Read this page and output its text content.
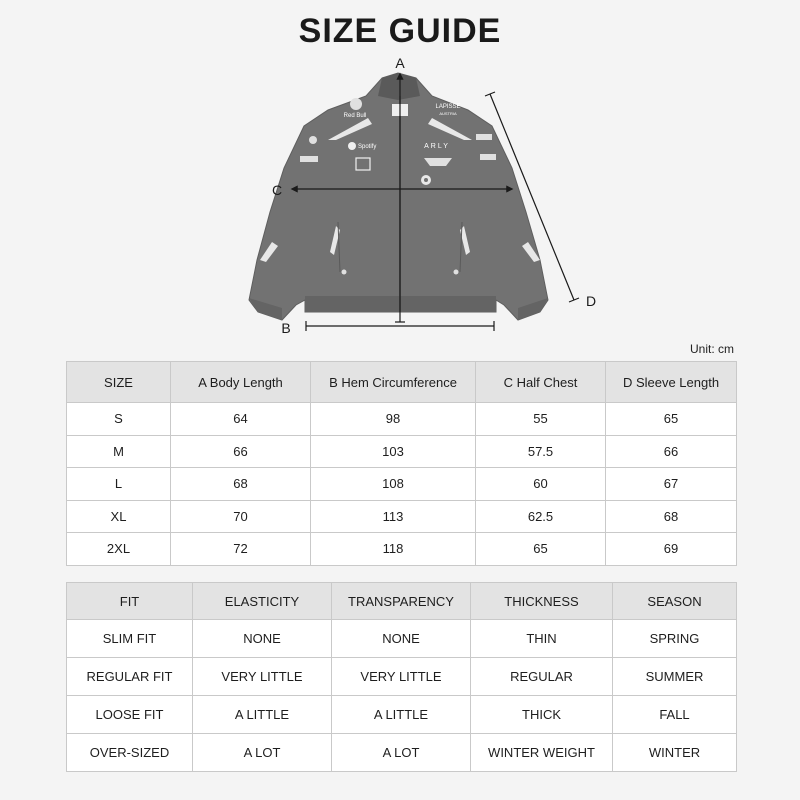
SIZE GUIDE
Red Bull
LAPISSE
AUSTRIA
Spotify	ARLY
A
B
C
D
Unit: cm
SIZE	A Body Length	B Hem Circumference	C Half Chest	D Sleeve Length
S	64	98	55	65
M	66	103	57.5	66
L	68	108	60	67
XL	70	113	62.5	68
2XL	72	118	65	69
FIT	ELASTICITY	TRANSPARENCY	THICKNESS	SEASON
SLIM FIT	NONE	NONE	THIN	SPRING
REGULAR FIT	VERY LITTLE	VERY LITTLE	REGULAR	SUMMER
LOOSE FIT	A LITTLE	A LITTLE	THICK	FALL
OVER-SIZED	A LOT	A LOT	WINTER WEIGHT	WINTER
